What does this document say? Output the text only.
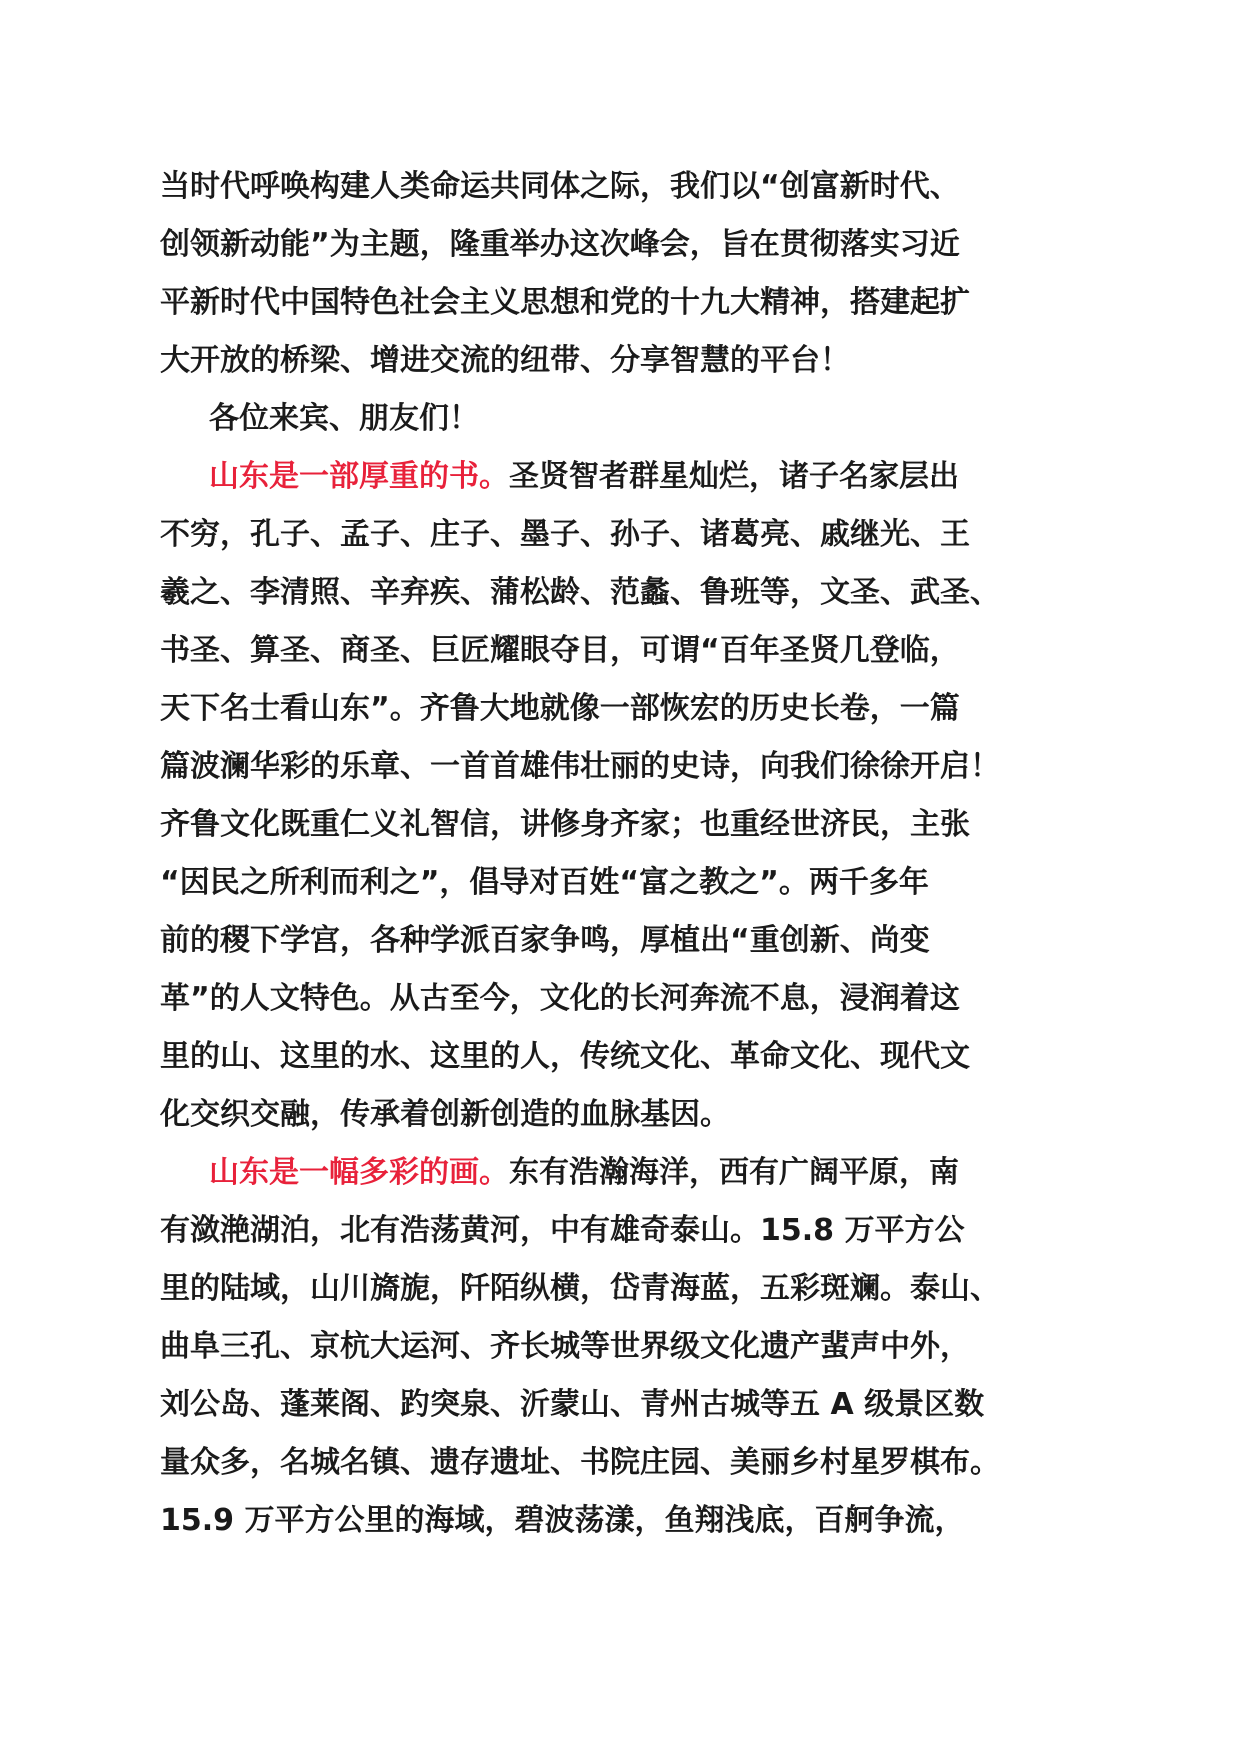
当时代呼唤构建人类命运共同体之际，我们以“创富新时代、
创领新动能”为主题，隆重举办这次峰会，旨在贯彻落实习近
平新时代中国特色社会主义思想和党的十九大精神，搭建起扩
大开放的桥梁、增进交流的纽带、分享智慧的平台！
各位来宾、朋友们！
山东是一部厚重的书。圣贤智者群星灿烂，诸子名家层出
不穷，孔子、孟子、庄子、墨子、孙子、诸葛亮、戚继光、王
羲之、李清照、辛弃疾、蒲松龄、范蠡、鲁班等，文圣、武圣、
书圣、算圣、商圣、巨匠耀眼夺目，可谓“百年圣贤几登临，
天下名士看山东”。齐鲁大地就像一部恢宏的历史长卷，一篇
篇波澜华彩的乐章、一首首雄伟壮丽的史诗，向我们徐徐开启！
齐鲁文化既重仁义礼智信，讲修身齐家；也重经世济民，主张
“因民之所利而利之”，倡导对百姓“富之教之”。两千多年
前的稷下学宫，各种学派百家争鸣，厚植出“重创新、尚变
革”的人文特色。从古至今，文化的长河奔流不息，浸润着这
里的山、这里的水、这里的人，传统文化、革命文化、现代文
化交织交融，传承着创新创造的血脉基因。
山东是一幅多彩的画。东有浩瀚海洋，西有广阔平原，南
有潋滟湖泊，北有浩荡黄河，中有雄奇泰山。15.8 万平方公
里的陆域，山川旖旎，阡陌纵横，岱青海蓝，五彩斑斓。泰山、
曲阜三孔、京杭大运河、齐长城等世界级文化遗产蜚声中外，
刘公岛、蓬莱阁、趵突泉、沂蒙山、青州古城等五 A 级景区数
量众多，名城名镇、遗存遗址、书院庄园、美丽乡村星罗棋布。
15.9 万平方公里的海域，碧波荡漾，鱼翔浅底，百舸争流，
